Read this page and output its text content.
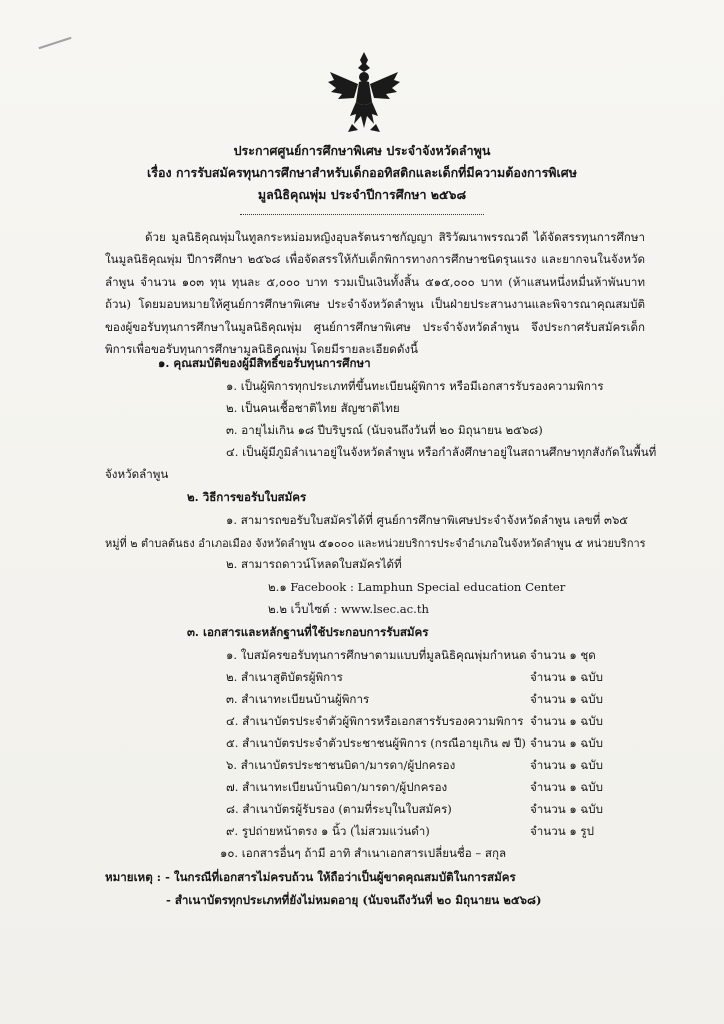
ประกาศศูนย์การศึกษาพิเศษ ประจำจังหวัดลำพูน
เรื่อง การรับสมัครทุนการศึกษาสำหรับเด็กออทิสติกและเด็กที่มีความต้องการพิเศษ
มูลนิธิคุณพุ่ม ประจำปีการศึกษา ๒๕๖๘
ด้วย มูลนิธิคุณพุ่มในทูลกระหม่อมหญิงอุบลรัตนราชกัญญา สิริวัฒนาพรรณวดี ได้จัดสรรทุนการศึกษาในมูลนิธิคุณพุ่ม ปีการศึกษา ๒๕๖๘ เพื่อจัดสรรให้กับเด็กพิการทางการศึกษาชนิดรุนแรง และยากจนในจังหวัดลำพูน จำนวน ๑๐๓ ทุน ทุนละ ๕,๐๐๐ บาท รวมเป็นเงินทั้งสิ้น ๕๑๕,๐๐๐ บาท (ห้าแสนหนึ่งหมื่นห้าพันบาทถ้วน) โดยมอบหมายให้ศูนย์การศึกษาพิเศษ ประจำจังหวัดลำพูน เป็นฝ่ายประสานงานและพิจารณาคุณสมบัติของผู้ขอรับทุนการศึกษาในมูลนิธิคุณพุ่ม ศูนย์การศึกษาพิเศษ ประจำจังหวัดลำพูน จึงประกาศรับสมัครเด็กพิการเพื่อขอรับทุนการศึกษามูลนิธิคุณพุ่ม โดยมีรายละเอียดดังนี้
๑. คุณสมบัติของผู้มีสิทธิ์ขอรับทุนการศึกษา
๑. เป็นผู้พิการทุกประเภทที่ขึ้นทะเบียนผู้พิการ หรือมีเอกสารรับรองความพิการ
๒. เป็นคนเชื้อชาติไทย สัญชาติไทย
๓. อายุไม่เกิน ๑๘ ปีบริบูรณ์ (นับจนถึงวันที่ ๒๐ มิถุนายน ๒๕๖๘)
๔. เป็นผู้มีภูมิลำเนาอยู่ในจังหวัดลำพูน หรือกำลังศึกษาอยู่ในสถานศึกษาทุกสังกัดในพื้นที่
จังหวัดลำพูน
๒. วิธีการขอรับใบสมัคร
๑. สามารถขอรับใบสมัครได้ที่ ศูนย์การศึกษาพิเศษประจำจังหวัดลำพูน เลขที่ ๓๖๕
หมู่ที่ ๒ ตำบลต้นธง อำเภอเมือง จังหวัดลำพูน ๕๑๐๐๐ และหน่วยบริการประจำอำเภอในจังหวัดลำพูน ๕ หน่วยบริการ
๒. สามารถดาวน์โหลดใบสมัครได้ที่
๒.๑ Facebook : Lamphun Special education Center
๒.๒ เว็บไซต์ : www.lsec.ac.th
๓. เอกสารและหลักฐานที่ใช้ประกอบการรับสมัคร
๑. ใบสมัครขอรับทุนการศึกษาตามแบบที่มูลนิธิคุณพุ่มกำหนด จำนวน ๑ ชุด
๒. สำเนาสูติบัตรผู้พิการ	จำนวน ๑ ฉบับ
๓. สำเนาทะเบียนบ้านผู้พิการ	จำนวน ๑ ฉบับ
๔. สำเนาบัตรประจำตัวผู้พิการหรือเอกสารรับรองความพิการ จำนวน ๑ ฉบับ
๕. สำเนาบัตรประจำตัวประชาชนผู้พิการ (กรณีอายุเกิน ๗ ปี) จำนวน ๑ ฉบับ
๖. สำเนาบัตรประชาชนบิดา/มารดา/ผู้ปกครอง	จำนวน ๑ ฉบับ
๗. สำเนาทะเบียนบ้านบิดา/มารดา/ผู้ปกครอง	จำนวน ๑ ฉบับ
๘. สำเนาบัตรผู้รับรอง (ตามที่ระบุในใบสมัคร)	จำนวน ๑ ฉบับ
๙. รูปถ่ายหน้าตรง ๑ นิ้ว (ไม่สวมแว่นดำ)	จำนวน ๑ รูป
๑๐. เอกสารอื่นๆ ถ้ามี อาทิ สำเนาเอกสารเปลี่ยนชื่อ – สกุล
หมายเหตุ : - ในกรณีที่เอกสารไม่ครบถ้วน ให้ถือว่าเป็นผู้ขาดคุณสมบัติในการสมัคร
- สำเนาบัตรทุกประเภทที่ยังไม่หมดอายุ (นับจนถึงวันที่ ๒๐ มิถุนายน ๒๕๖๘)
